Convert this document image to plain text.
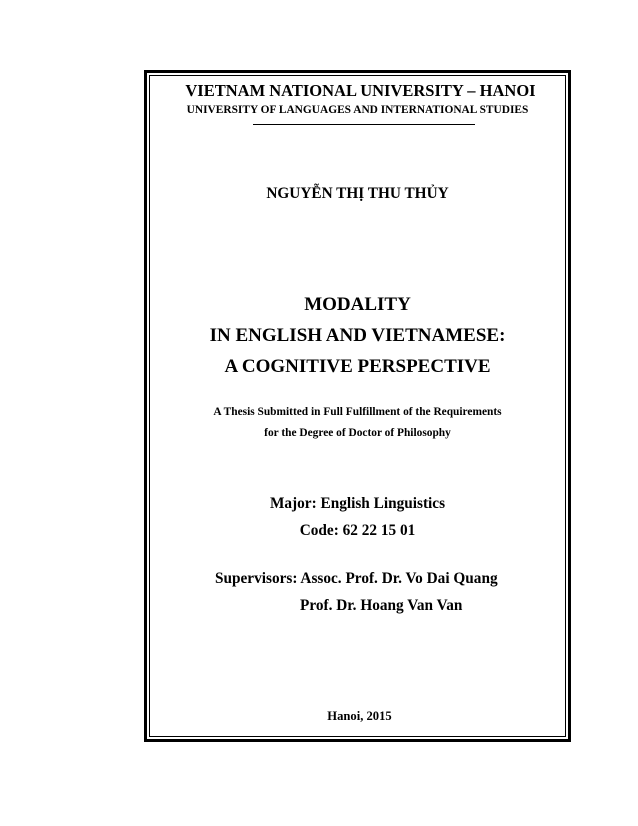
VIETNAM NATIONAL UNIVERSITY – HANOI

UNIVERSITY OF LANGUAGES AND INTERNATIONAL STUDIES

NGUYỄN THỊ THU THỦY

MODALITY

IN ENGLISH AND VIETNAMESE:

A COGNITIVE PERSPECTIVE

A Thesis Submitted in Full Fulfillment of the Requirements

for the Degree of Doctor of Philosophy

Major: English Linguistics

Code: 62 22 15 01

Supervisors: Assoc. Prof. Dr. Vo Dai Quang

Prof. Dr. Hoang Van Van

Hanoi, 2015
